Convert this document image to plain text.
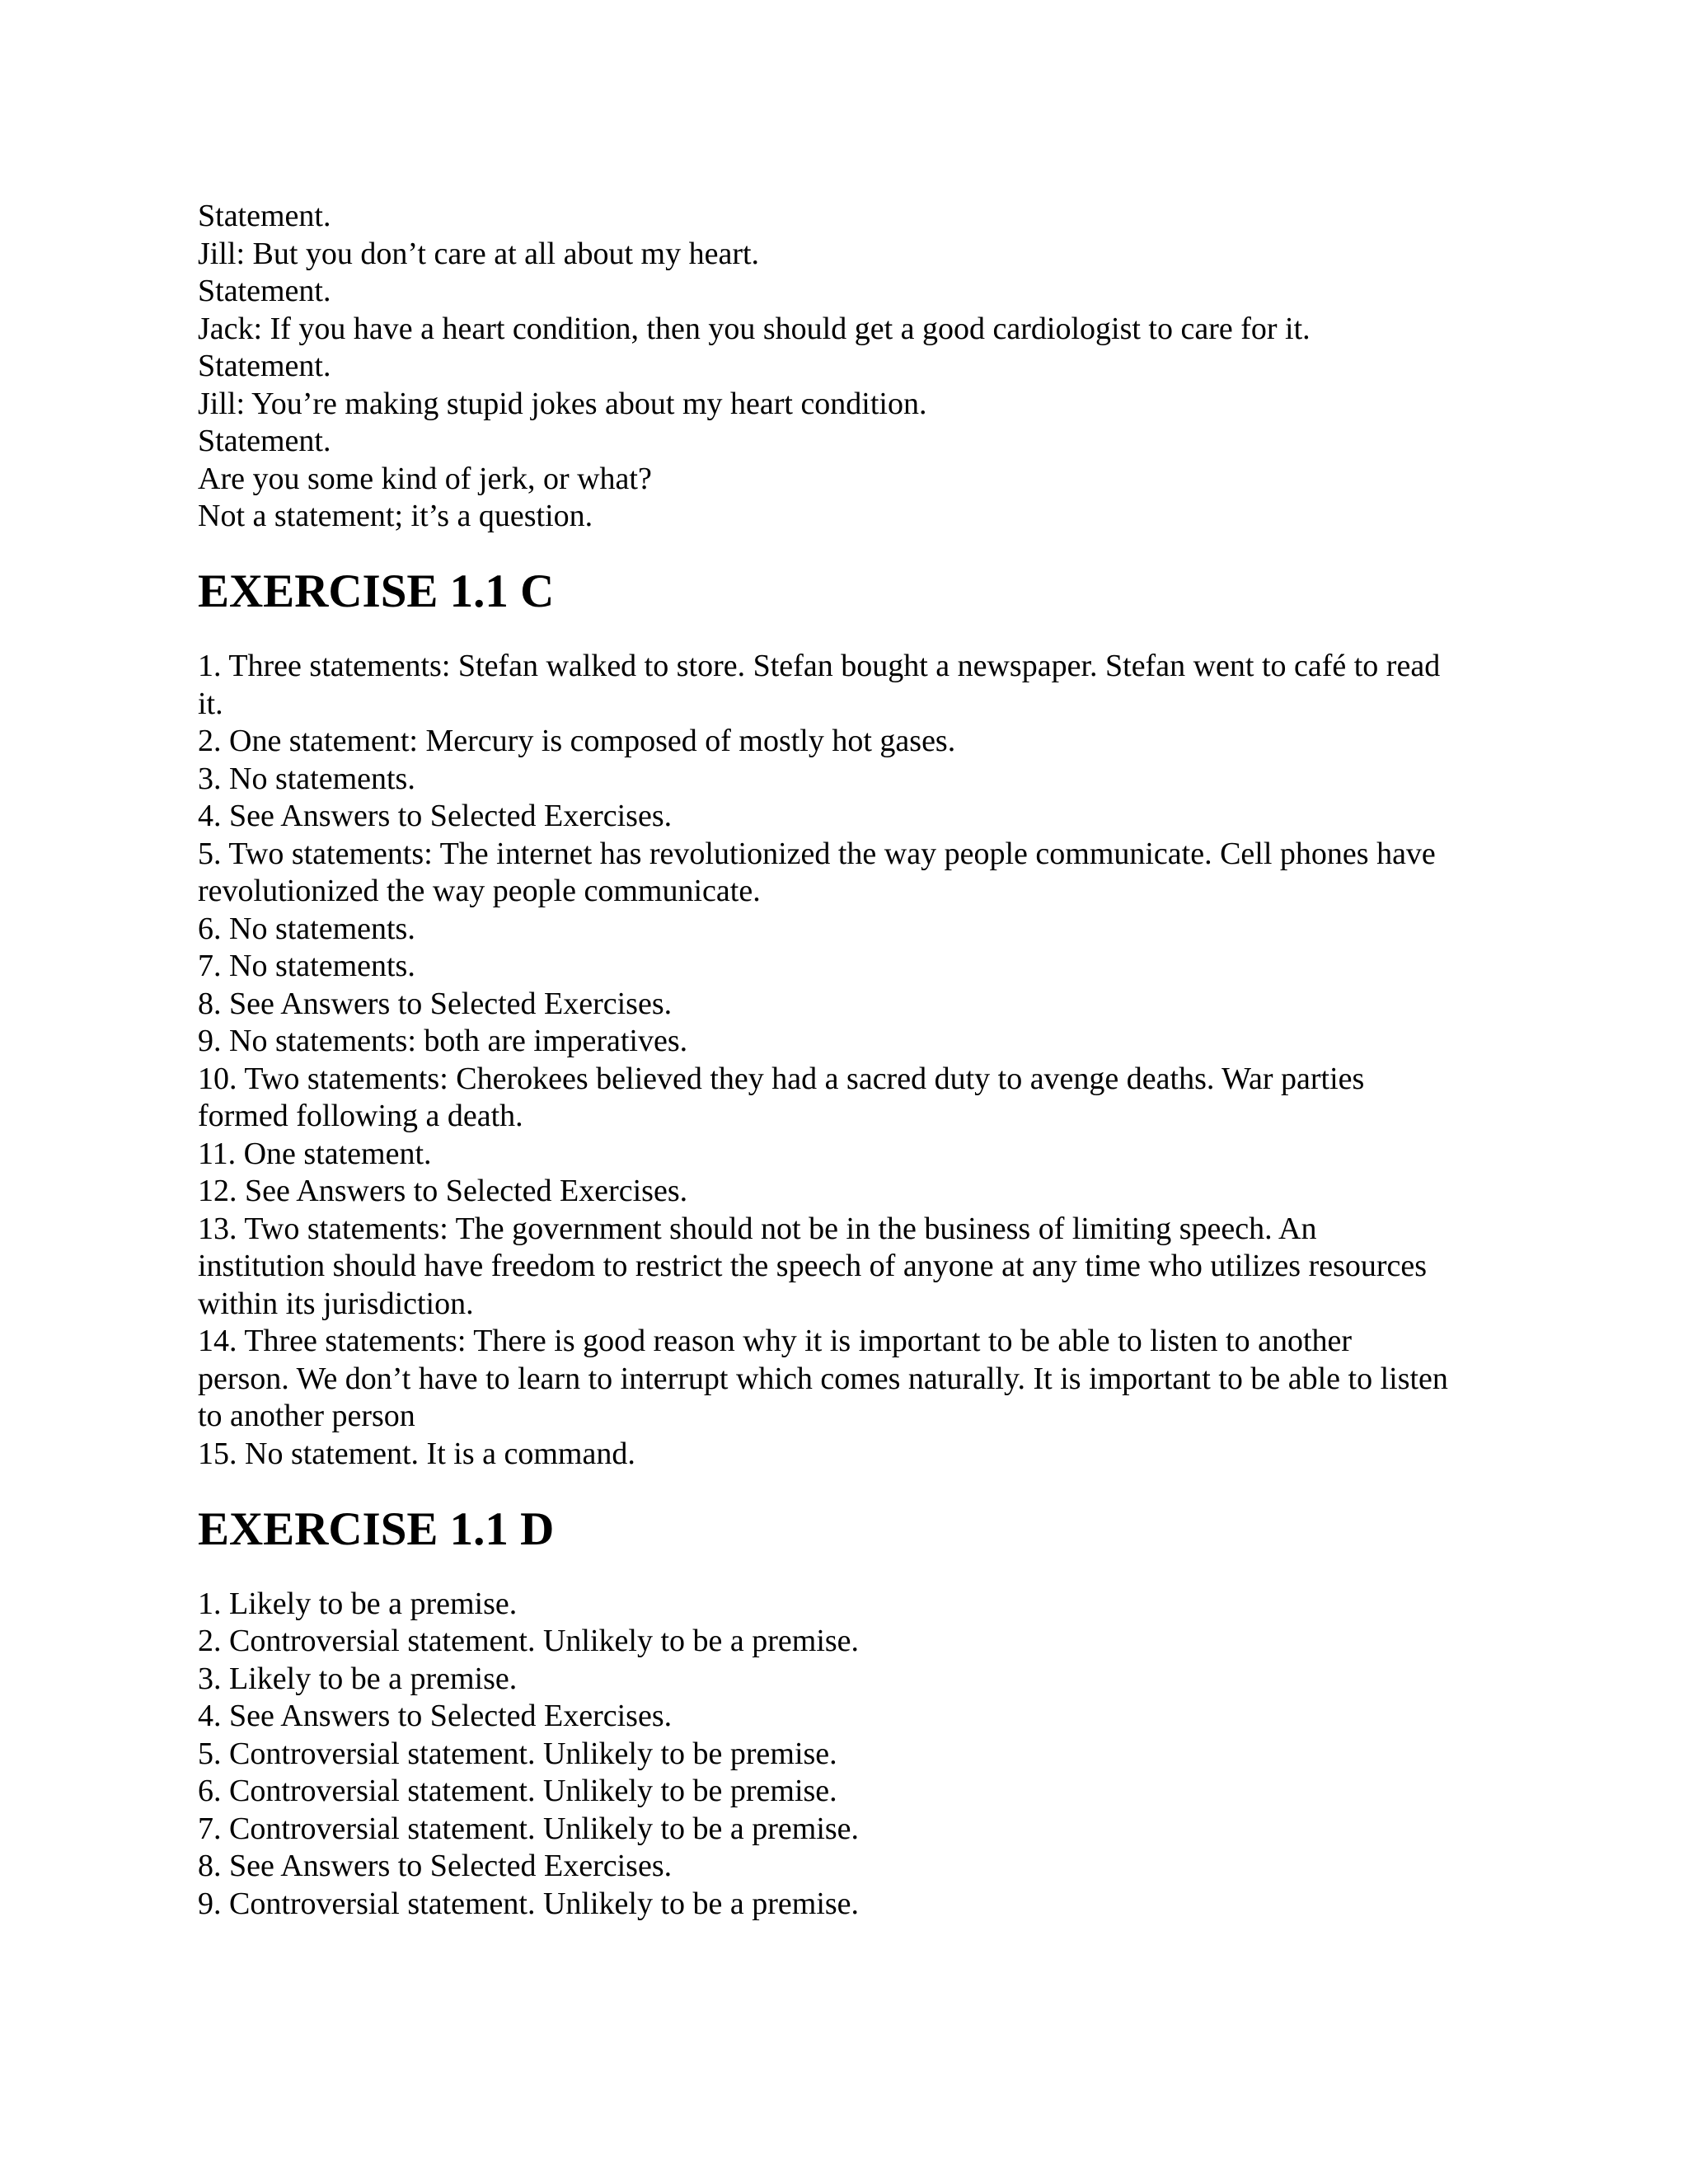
Statement.

Jill: But you don’t care at all about my heart.

Statement.

Jack: If you have a heart condition, then you should get a good cardiologist to care for it.

Statement.

Jill: You’re making stupid jokes about my heart condition.

Statement.

Are you some kind of jerk, or what?

Not a statement; it’s a question.

EXERCISE 1.1 C

1. Three statements: Stefan walked to store. Stefan bought a newspaper. Stefan went to café to read it.

2. One statement: Mercury is composed of mostly hot gases.

3. No statements.

4. See Answers to Selected Exercises.

5. Two statements: The internet has revolutionized the way people communicate. Cell phones have revolutionized the way people communicate.

6. No statements.

7. No statements.

8. See Answers to Selected Exercises.

9. No statements: both are imperatives.

10. Two statements: Cherokees believed they had a sacred duty to avenge deaths. War parties formed following a death.

11. One statement.

12. See Answers to Selected Exercises.

13. Two statements: The government should not be in the business of limiting speech. An institution should have freedom to restrict the speech of anyone at any time who utilizes resources within its jurisdiction.

14. Three statements: There is good reason why it is important to be able to listen to another person. We don’t have to learn to interrupt which comes naturally. It is important to be able to listen to another person

15. No statement. It is a command.

EXERCISE 1.1 D

1. Likely to be a premise.

2. Controversial statement. Unlikely to be a premise.

3. Likely to be a premise.

4. See Answers to Selected Exercises.

5. Controversial statement. Unlikely to be premise.

6. Controversial statement. Unlikely to be premise.

7. Controversial statement. Unlikely to be a premise.

8. See Answers to Selected Exercises.

9. Controversial statement. Unlikely to be a premise.
